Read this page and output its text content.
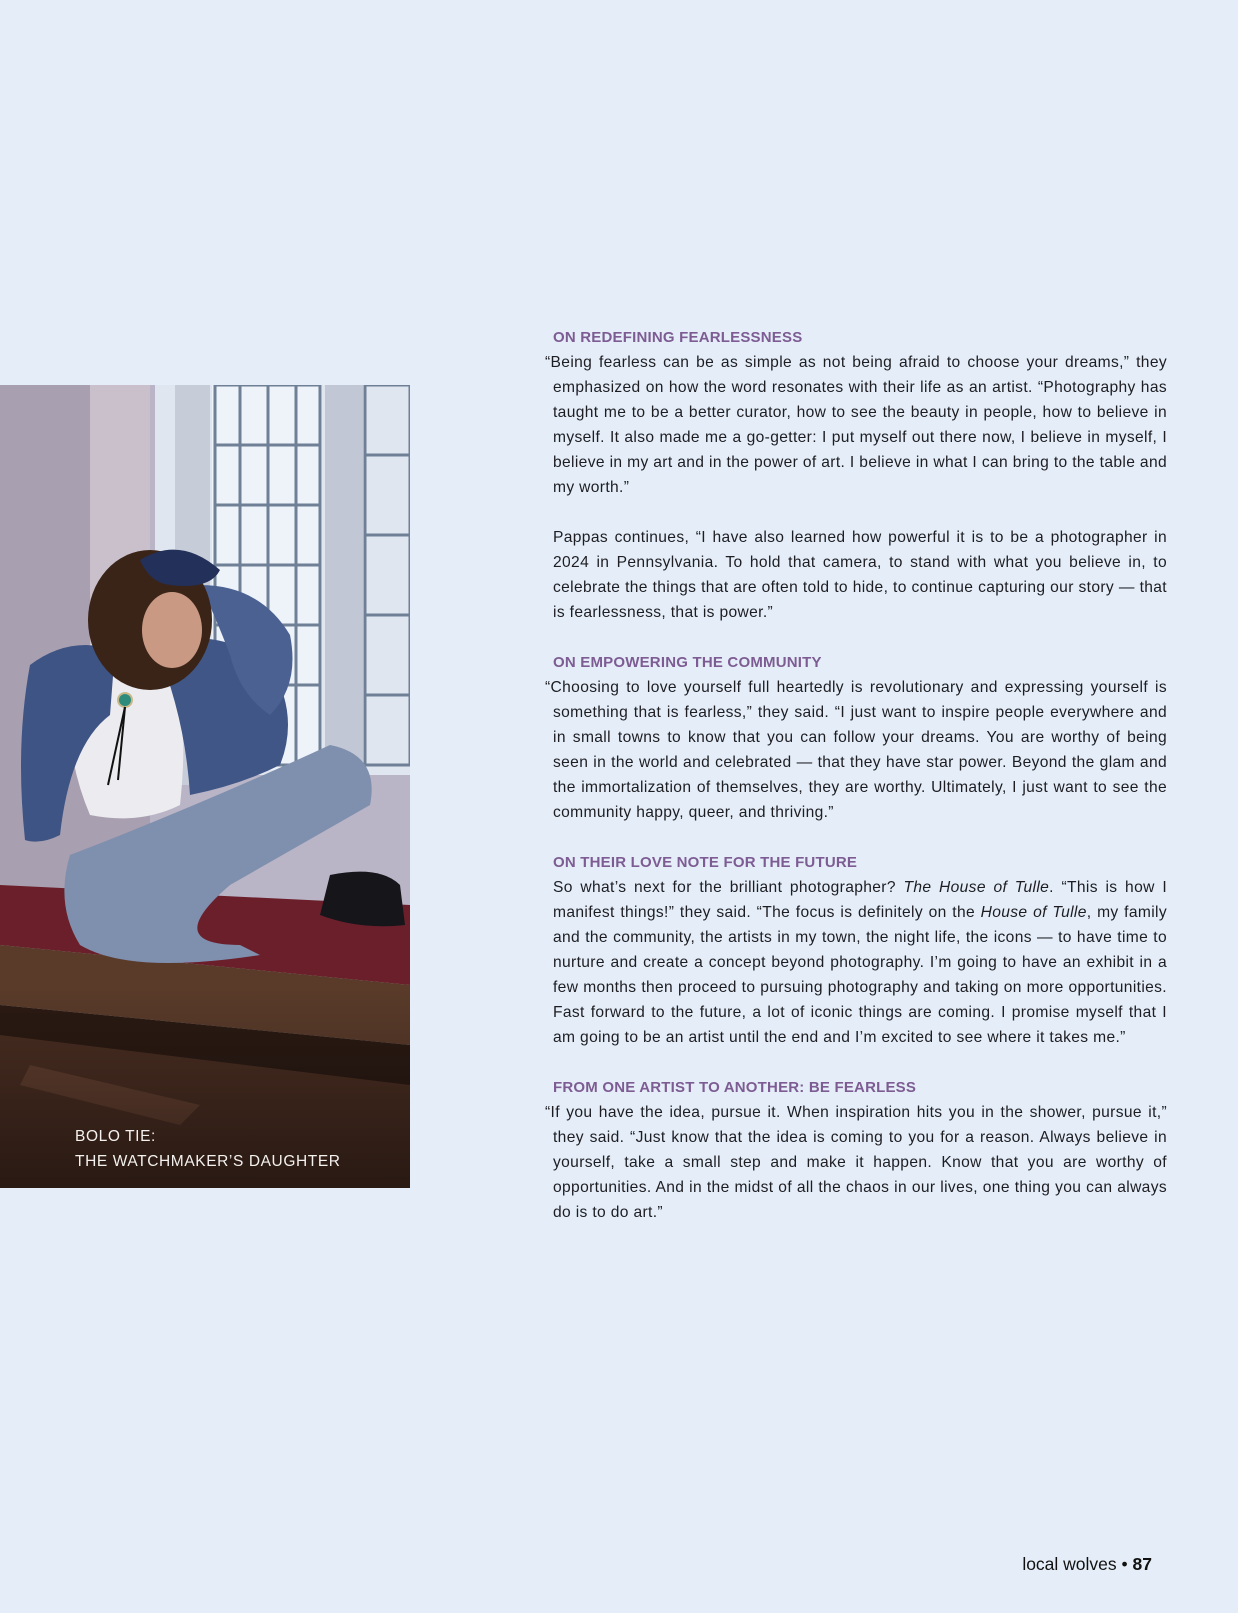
BOLO TIE:
THE WATCHMAKER’S DAUGHTER
ON REDEFINING FEARLESSNESS

“Being fearless can be as simple as not being afraid to choose your dreams,” they emphasized on how the word resonates with their life as an artist. “Photography has taught me to be a better curator, how to see the beauty in people, how to believe in myself. It also made me a go-getter: I put myself out there now, I believe in myself, I believe in my art and in the power of art. I believe in what I can bring to the table and my worth.”

Pappas continues, “I have also learned how powerful it is to be a photographer in 2024 in Pennsylvania. To hold that camera, to stand with what you believe in, to celebrate the things that are often told to hide, to continue capturing our story — that is fearlessness, that is power.”

ON EMPOWERING THE COMMUNITY

“Choosing to love yourself full heartedly is revolutionary and expressing yourself is something that is fearless,” they said. “I just want to inspire people everywhere and in small towns to know that you can follow your dreams. You are worthy of being seen in the world and celebrated — that they have star power. Beyond the glam and the immortalization of themselves, they are worthy. Ultimately, I just want to see the community happy, queer, and thriving.”

ON THEIR LOVE NOTE FOR THE FUTURE

So what’s next for the brilliant photographer? The House of Tulle. “This is how I manifest things!” they said. “The focus is definitely on the House of Tulle, my family and the community, the artists in my town, the night life, the icons — to have time to nurture and create a concept beyond photography. I’m going to have an exhibit in a few months then proceed to pursuing photography and taking on more opportunities. Fast forward to the future, a lot of iconic things are coming. I promise myself that I am going to be an artist until the end and I’m excited to see where it takes me.”

FROM ONE ARTIST TO ANOTHER: BE FEARLESS

“If you have the idea, pursue it. When inspiration hits you in the shower, pursue it,” they said. “Just know that the idea is coming to you for a reason. Always believe in yourself, take a small step and make it happen. Know that you are worthy of opportunities. And in the midst of all the chaos in our lives, one thing you can always do is to do art.”

local wolves • 87
